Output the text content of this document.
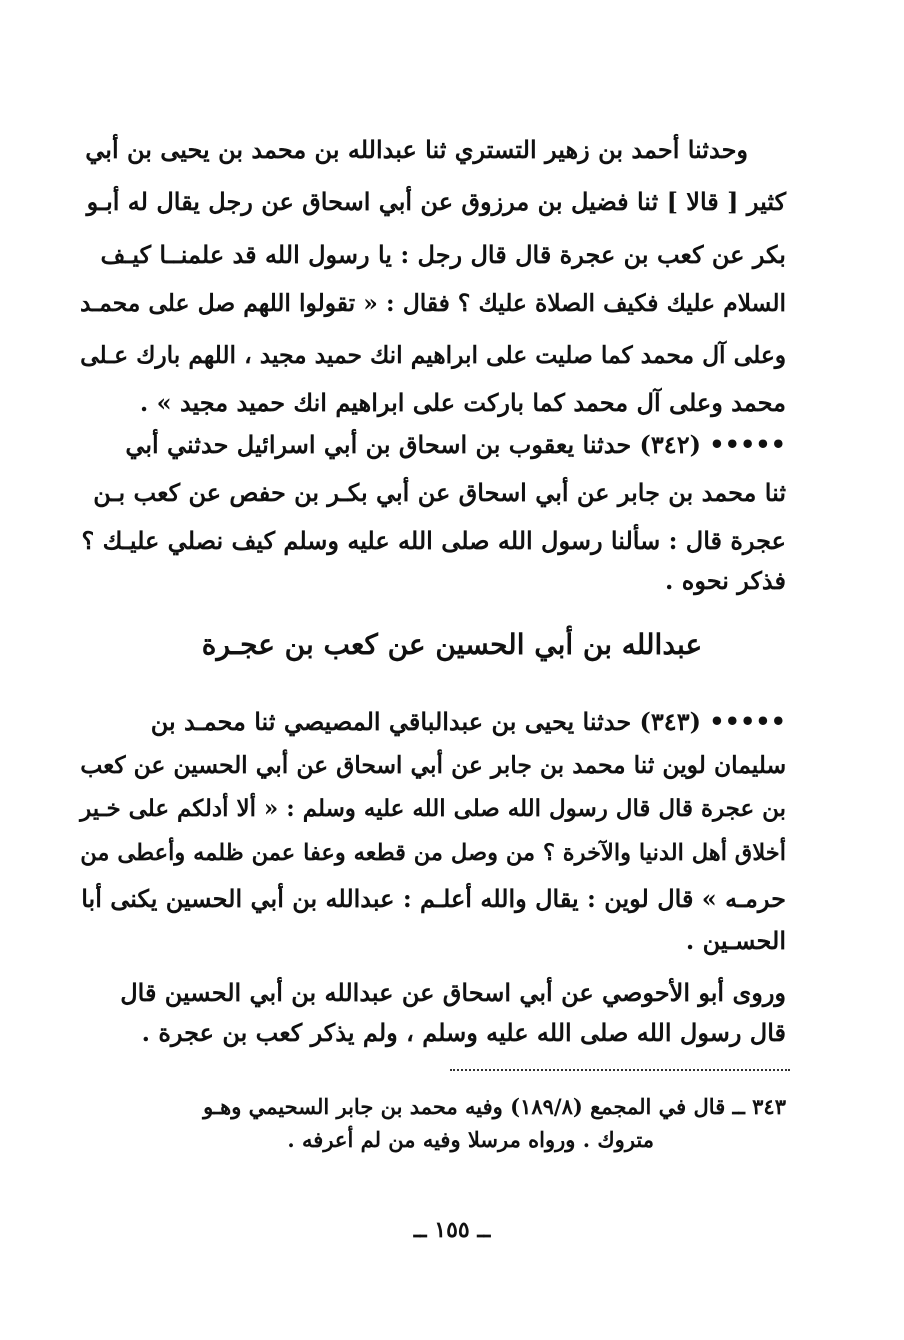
وحدثنا أحمد بن زهير التستري ثنا عبدالله بن محمد بن يحيى بن أبي
كثير [ قالا ] ثنا فضيل بن مرزوق عن أبي اسحاق عن رجل يقال له أبـو
بكر عن كعب بن عجرة قال قال رجل : يا رسول الله قد علمنــا كيـف
السلام عليك فكيف الصلاة عليك ؟ فقال : « تقولوا اللهم صل على محمـد
وعلى آل محمد كما صليت على ابراهيم انك حميد مجيد ، اللهم بارك عـلى
محمد وعلى آل محمد كما باركت على ابراهيم انك حميد مجيد » .
••••• (٣٤٢) حدثنا يعقوب بن اسحاق بن أبي اسرائيل حدثني أبي
ثنا محمد بن جابر عن أبي اسحاق عن أبي بكـر بن حفص عن كعب بـن
عجرة قال : سألنا رسول الله صلى الله عليه وسلم كيف نصلي عليـك ؟
فذكر نحوه .
عبدالله بن أبي الحسين عن كعب بن عجـرة
••••• (٣٤٣) حدثنا يحيى بن عبدالباقي المصيصي ثنا محمـد بن
سليمان لوين ثنا محمد بن جابر عن أبي اسحاق عن أبي الحسين عن كعب
بن عجرة قال قال رسول الله صلى الله عليه وسلم : « ألا أدلكم على خـير
أخلاق أهل الدنيا والآخرة ؟ من وصل من قطعه وعفا عمن ظلمه وأعطى من
حرمـه » قال لوين : يقال والله أعلـم : عبدالله بن أبي الحسين يكنى أبا
الحسـين .
وروى أبو الأحوصي عن أبي اسحاق عن عبدالله بن أبي الحسين قال
قال رسول الله صلى الله عليه وسلم ، ولم يذكر كعب بن عجرة .
٣٤٣ ــ قال في المجمع (١٨٩/٨) وفيه محمد بن جابر السحيمي وهـو
متروك . ورواه مرسلا وفيه من لم أعرفه .
ــ ١٥٥ ــ
